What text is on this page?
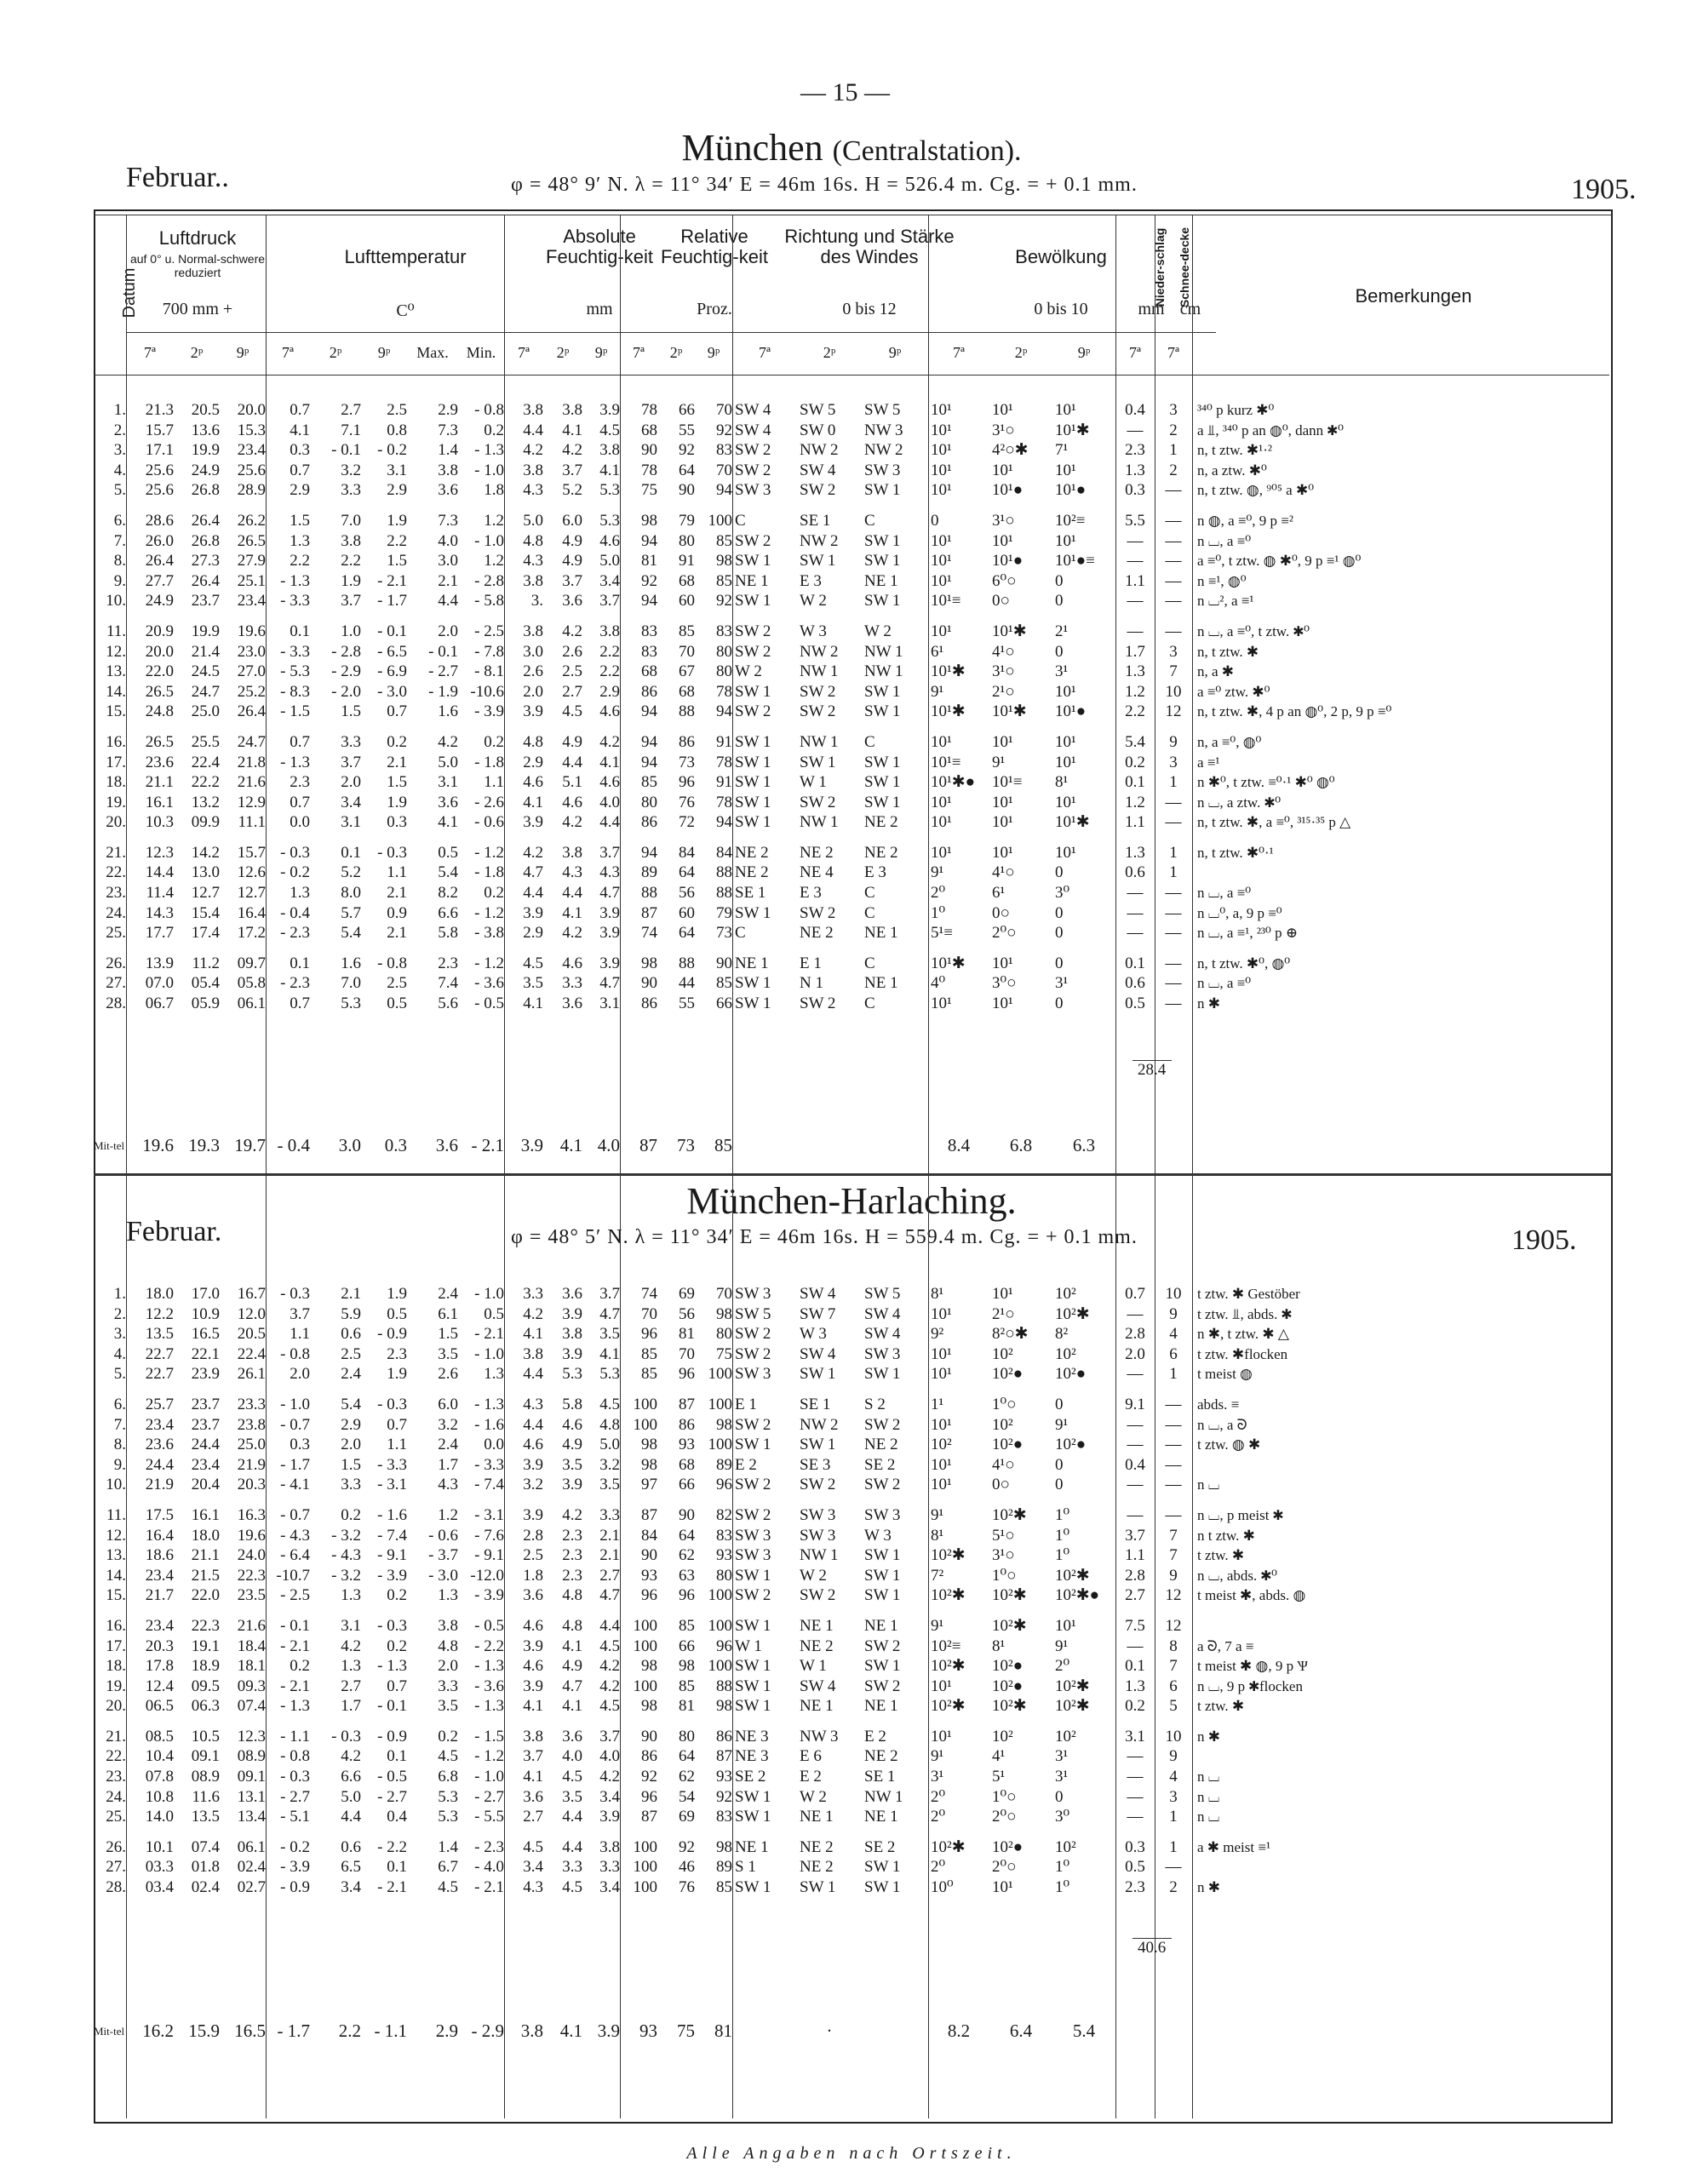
— 15 —
München (Centralstation).
Februar..	φ = 48° 9′ N. λ = 11° 34′ E = 46m 16s. H = 526.4 m. Cg. = + 0.1 mm.	1905.
München-Harlaching.
Februar.	φ = 48° 5′ N. λ = 11° 34′ E = 46m 16s. H = 559.4 m. Cg. = + 0.1 mm.	1905.
Datum
Luftdruck
auf 0° u. Normal-schwere reduziert
700 mm +
Lufttemperatur
C⁰
Absolute Feuchtig-keit
mm
Relative Feuchtig-keit
Proz.
Richtung und Stärke des Windes
0 bis 12
Bewölkung
0 bis 10
Nieder-schlag
mm
Schnee-decke
cm
Bemerkungen
7ª	2ᵖ	9ᵖ	7ª	2ᵖ	9ᵖ	Max.	Min.	7ª	2ᵖ	9ᵖ	7ª	2ᵖ	9ᵖ	7ª	2ᵖ	9ᵖ	7ª	2ᵖ	9ᵖ	7ª	7ª
1.	21.3	20.5	20.0	0.7	2.7	2.5	2.9	- 0.8	3.8	3.8	3.9	78	66	70	SW 4	SW 5	SW 5	10¹	10¹	10¹	0.4	3	³⁴⁰ p kurz ✱⁰
2.	15.7	13.6	15.3	4.1	7.1	0.8	7.3	0.2	4.4	4.1	4.5	68	55	92	SW 4	SW 0	NW 3	10¹	3¹○	10¹✱	—	2	a ⫫, ³⁴⁰ p an ◍⁰, dann ✱⁰
3.	17.1	19.9	23.4	0.3	- 0.1	- 0.2	1.4	- 1.3	4.2	4.2	3.8	90	92	83	SW 2	NW 2	NW 2	10¹	4²○✱	7¹	2.3	1	n, t ztw. ✱¹·²
4.	25.6	24.9	25.6	0.7	3.2	3.1	3.8	- 1.0	3.8	3.7	4.1	78	64	70	SW 2	SW 4	SW 3	10¹	10¹	10¹	1.3	2	n, a ztw. ✱⁰
5.	25.6	26.8	28.9	2.9	3.3	2.9	3.6	1.8	4.3	5.2	5.3	75	90	94	SW 3	SW 2	SW 1	10¹	10¹●	10¹●	0.3	—	n, t ztw. ◍, ⁹⁰⁵ a ✱⁰

6.	28.6	26.4	26.2	1.5	7.0	1.9	7.3	1.2	5.0	6.0	5.3	98	79	100	C	SE 1	C	0	3¹○	10²≡	5.5	—	n ◍, a ≡⁰, 9 p ≡²
7.	26.0	26.8	26.5	1.3	3.8	2.2	4.0	- 1.0	4.8	4.9	4.6	94	80	85	SW 2	NW 2	SW 1	10¹	10¹	10¹	—	—	n ⌴, a ≡⁰
8.	26.4	27.3	27.9	2.2	2.2	1.5	3.0	1.2	4.3	4.9	5.0	81	91	98	SW 1	SW 1	SW 1	10¹	10¹●	10¹●≡	—	—	a ≡⁰, t ztw. ◍ ✱⁰, 9 p ≡¹ ◍⁰
9.	27.7	26.4	25.1	- 1.3	1.9	- 2.1	2.1	- 2.8	3.8	3.7	3.4	92	68	85	NE 1	E 3	NE 1	10¹	6⁰○	0	1.1	—	n ≡¹, ◍⁰
10.	24.9	23.7	23.4	- 3.3	3.7	- 1.7	4.4	- 5.8	3.	3.6	3.7	94	60	92	SW 1	W 2	SW 1	10¹≡	0○	0	—	—	n ⌴², a ≡¹

11.	20.9	19.9	19.6	0.1	1.0	- 0.1	2.0	- 2.5	3.8	4.2	3.8	83	85	83	SW 2	W 3	W 2	10¹	10¹✱	2¹	—	—	n ⌴, a ≡⁰, t ztw. ✱⁰
12.	20.0	21.4	23.0	- 3.3	- 2.8	- 6.5	- 0.1	- 7.8	3.0	2.6	2.2	83	70	80	SW 2	NW 2	NW 1	6¹	4¹○	0	1.7	3	n, t ztw. ✱
13.	22.0	24.5	27.0	- 5.3	- 2.9	- 6.9	- 2.7	- 8.1	2.6	2.5	2.2	68	67	80	W 2	NW 1	NW 1	10¹✱	3¹○	3¹	1.3	7	n, a ✱
14.	26.5	24.7	25.2	- 8.3	- 2.0	- 3.0	- 1.9	-10.6	2.0	2.7	2.9	86	68	78	SW 1	SW 2	SW 1	9¹	2¹○	10¹	1.2	10	a ≡⁰ ztw. ✱⁰
15.	24.8	25.0	26.4	- 1.5	1.5	0.7	1.6	- 3.9	3.9	4.5	4.6	94	88	94	SW 2	SW 2	SW 1	10¹✱	10¹✱	10¹●	2.2	12	n, t ztw. ✱, 4 p an ◍⁰, 2 p, 9 p ≡⁰

16.	26.5	25.5	24.7	0.7	3.3	0.2	4.2	0.2	4.8	4.9	4.2	94	86	91	SW 1	NW 1	C	10¹	10¹	10¹	5.4	9	n, a ≡⁰, ◍⁰
17.	23.6	22.4	21.8	- 1.3	3.7	2.1	5.0	- 1.8	2.9	4.4	4.1	94	73	78	SW 1	SW 1	SW 1	10¹≡	9¹	10¹	0.2	3	a ≡¹
18.	21.1	22.2	21.6	2.3	2.0	1.5	3.1	1.1	4.6	5.1	4.6	85	96	91	SW 1	W 1	SW 1	10¹✱●	10¹≡	8¹	0.1	1	n ✱⁰, t ztw. ≡⁰·¹ ✱⁰ ◍⁰
19.	16.1	13.2	12.9	0.7	3.4	1.9	3.6	- 2.6	4.1	4.6	4.0	80	76	78	SW 1	SW 2	SW 1	10¹	10¹	10¹	1.2	—	n ⌴, a ztw. ✱⁰
20.	10.3	09.9	11.1	0.0	3.1	0.3	4.1	- 0.6	3.9	4.2	4.4	86	72	94	SW 1	NW 1	NE 2	10¹	10¹	10¹✱	1.1	—	n, t ztw. ✱, a ≡⁰, ³¹⁵·³⁵ p △

21.	12.3	14.2	15.7	- 0.3	0.1	- 0.3	0.5	- 1.2	4.2	3.8	3.7	94	84	84	NE 2	NE 2	NE 2	10¹	10¹	10¹	1.3	1	n, t ztw. ✱⁰·¹
22.	14.4	13.0	12.6	- 0.2	5.2	1.1	5.4	- 1.8	4.7	4.3	4.3	89	64	88	NE 2	NE 4	E 3	9¹	4¹○	0	0.6	1	
23.	11.4	12.7	12.7	1.3	8.0	2.1	8.2	0.2	4.4	4.4	4.7	88	56	88	SE 1	E 3	C	2⁰	6¹	3⁰	—	—	n ⌴, a ≡⁰
24.	14.3	15.4	16.4	- 0.4	5.7	0.9	6.6	- 1.2	3.9	4.1	3.9	87	60	79	SW 1	SW 2	C	1⁰	0○	0	—	—	n ⌴⁰, a, 9 p ≡⁰
25.	17.7	17.4	17.2	- 2.3	5.4	2.1	5.8	- 3.8	2.9	4.2	3.9	74	64	73	C	NE 2	NE 1	5¹≡	2⁰○	0	—	—	n ⌴, a ≡¹, ²³⁰ p ⊕

26.	13.9	11.2	09.7	0.1	1.6	- 0.8	2.3	- 1.2	4.5	4.6	3.9	98	88	90	NE 1	E 1	C	10¹✱	10¹	0	0.1	—	n, t ztw. ✱⁰, ◍⁰
27.	07.0	05.4	05.8	- 2.3	7.0	2.5	7.4	- 3.6	3.5	3.3	4.7	90	44	85	SW 1	N 1	NE 1	4⁰	3⁰○	3¹	0.6	—	n ⌴, a ≡⁰
28.	06.7	05.9	06.1	0.7	5.3	0.5	5.6	- 0.5	4.1	3.6	3.1	86	55	66	SW 1	SW 2	C	10¹	10¹	0	0.5	—	n ✱
1.	18.0	17.0	16.7	- 0.3	2.1	1.9	2.4	- 1.0	3.3	3.6	3.7	74	69	70	SW 3	SW 4	SW 5	8¹	10¹	10²	0.7	10	t ztw. ✱ Gestöber
2.	12.2	10.9	12.0	3.7	5.9	0.5	6.1	0.5	4.2	3.9	4.7	70	56	98	SW 5	SW 7	SW 4	10¹	2¹○	10²✱	—	9	t ztw. ⫫, abds. ✱
3.	13.5	16.5	20.5	1.1	0.6	- 0.9	1.5	- 2.1	4.1	3.8	3.5	96	81	80	SW 2	W 3	SW 4	9²	8²○✱	8²	2.8	4	n ✱, t ztw. ✱ △
4.	22.7	22.1	22.4	- 0.8	2.5	2.3	3.5	- 1.0	3.8	3.9	4.1	85	70	75	SW 2	SW 4	SW 3	10¹	10²	10²	2.0	6	t ztw. ✱flocken
5.	22.7	23.9	26.1	2.0	2.4	1.9	2.6	1.3	4.4	5.3	5.3	85	96	100	SW 3	SW 1	SW 1	10¹	10²●	10²●	—	1	t meist ◍

6.	25.7	23.7	23.3	- 1.0	5.4	- 0.3	6.0	- 1.3	4.3	5.8	4.5	100	87	100	E 1	SE 1	S 2	1¹	1⁰○	0	9.1	—	abds. ≡
7.	23.4	23.7	23.8	- 0.7	2.9	0.7	3.2	- 1.6	4.4	4.6	4.8	100	86	98	SW 2	NW 2	SW 2	10¹	10²	9¹	—	—	n ⌴, a ᘐ
8.	23.6	24.4	25.0	0.3	2.0	1.1	2.4	0.0	4.6	4.9	5.0	98	93	100	SW 1	SW 1	NE 2	10²	10²●	10²●	—	—	t ztw. ◍ ✱
9.	24.4	23.4	21.9	- 1.7	1.5	- 3.3	1.7	- 3.3	3.9	3.5	3.2	98	68	89	E 2	SE 3	SE 2	10¹	4¹○	0	0.4	—	
10.	21.9	20.4	20.3	- 4.1	3.3	- 3.1	4.3	- 7.4	3.2	3.9	3.5	97	66	96	SW 2	SW 2	SW 2	10¹	0○	0	—	—	n ⌴

11.	17.5	16.1	16.3	- 0.7	0.2	- 1.6	1.2	- 3.1	3.9	4.2	3.3	87	90	82	SW 2	SW 3	SW 3	9¹	10²✱	1⁰	—	—	n ⌴, p meist ✱
12.	16.4	18.0	19.6	- 4.3	- 3.2	- 7.4	- 0.6	- 7.6	2.8	2.3	2.1	84	64	83	SW 3	SW 3	W 3	8¹	5¹○	1⁰	3.7	7	n t ztw. ✱
13.	18.6	21.1	24.0	- 6.4	- 4.3	- 9.1	- 3.7	- 9.1	2.5	2.3	2.1	90	62	93	SW 3	NW 1	SW 1	10²✱	3¹○	1⁰	1.1	7	t ztw. ✱
14.	23.4	21.5	22.3	-10.7	- 3.2	- 3.9	- 3.0	-12.0	1.8	2.3	2.7	93	63	80	SW 1	W 2	SW 1	7²	1⁰○	10²✱	2.8	9	n ⌴, abds. ✱⁰
15.	21.7	22.0	23.5	- 2.5	1.3	0.2	1.3	- 3.9	3.6	4.8	4.7	96	96	100	SW 2	SW 2	SW 1	10²✱	10²✱	10²✱●	2.7	12	t meist ✱, abds. ◍

16.	23.4	22.3	21.6	- 0.1	3.1	- 0.3	3.8	- 0.5	4.6	4.8	4.4	100	85	100	SW 1	NE 1	NE 1	9¹	10²✱	10¹	7.5	12	
17.	20.3	19.1	18.4	- 2.1	4.2	0.2	4.8	- 2.2	3.9	4.1	4.5	100	66	96	W 1	NE 2	SW 2	10²≡	8¹	9¹	—	8	a ᘐ, 7 a ≡
18.	17.8	18.9	18.1	0.2	1.3	- 1.3	2.0	- 1.3	4.6	4.9	4.2	98	98	100	SW 1	W 1	SW 1	10²✱	10²●	2⁰	0.1	7	t meist ✱ ◍, 9 p Ѱ
19.	12.4	09.5	09.3	- 2.1	2.7	0.7	3.3	- 3.6	3.9	4.7	4.2	100	85	88	SW 1	SW 4	SW 2	10¹	10²●	10²✱	1.3	6	n ⌴, 9 p ✱flocken
20.	06.5	06.3	07.4	- 1.3	1.7	- 0.1	3.5	- 1.3	4.1	4.1	4.5	98	81	98	SW 1	NE 1	NE 1	10²✱	10²✱	10²✱	0.2	5	t ztw. ✱

21.	08.5	10.5	12.3	- 1.1	- 0.3	- 0.9	0.2	- 1.5	3.8	3.6	3.7	90	80	86	NE 3	NW 3	E 2	10¹	10²	10²	3.1	10	n ✱
22.	10.4	09.1	08.9	- 0.8	4.2	0.1	4.5	- 1.2	3.7	4.0	4.0	86	64	87	NE 3	E 6	NE 2	9¹	4¹	3¹	—	9	
23.	07.8	08.9	09.1	- 0.3	6.6	- 0.5	6.8	- 1.0	4.1	4.5	4.2	92	62	93	SE 2	E 2	SE 1	3¹	5¹	3¹	—	4	n ⌴
24.	10.8	11.6	13.1	- 2.7	5.0	- 2.7	5.3	- 2.7	3.6	3.5	3.4	96	54	92	SW 1	W 2	NW 1	2⁰	1⁰○	0	—	3	n ⌴
25.	14.0	13.5	13.4	- 5.1	4.4	0.4	5.3	- 5.5	2.7	4.4	3.9	87	69	83	SW 1	NE 1	NE 1	2⁰	2⁰○	3⁰	—	1	n ⌴

26.	10.1	07.4	06.1	- 0.2	0.6	- 2.2	1.4	- 2.3	4.5	4.4	3.8	100	92	98	NE 1	NE 2	SE 2	10²✱	10²●	10²	0.3	1	a ✱ meist ≡¹
27.	03.3	01.8	02.4	- 3.9	6.5	0.1	6.7	- 4.0	3.4	3.3	3.3	100	46	89	S 1	NE 2	SW 1	2⁰	2⁰○	1⁰	0.5	—	
28.	03.4	02.4	02.7	- 0.9	3.4	- 2.1	4.5	- 2.1	4.3	4.5	3.4	100	76	85	SW 1	SW 1	SW 1	10⁰	10¹	1⁰	2.3	2	n ✱
Mit-tel	19.6	19.3	19.7	- 0.4	3.0	0.3	3.6	- 2.1	3.9	4.1	4.0	87	73	85				8.4	6.8	6.3			
Mit-tel	16.2	15.9	16.5	- 1.7	2.2	- 1.1	2.9	- 2.9	3.8	4.1	3.9	93	75	81		·		8.2	6.4	5.4			
28.4
40.6
Alle Angaben nach Ortszeit.
